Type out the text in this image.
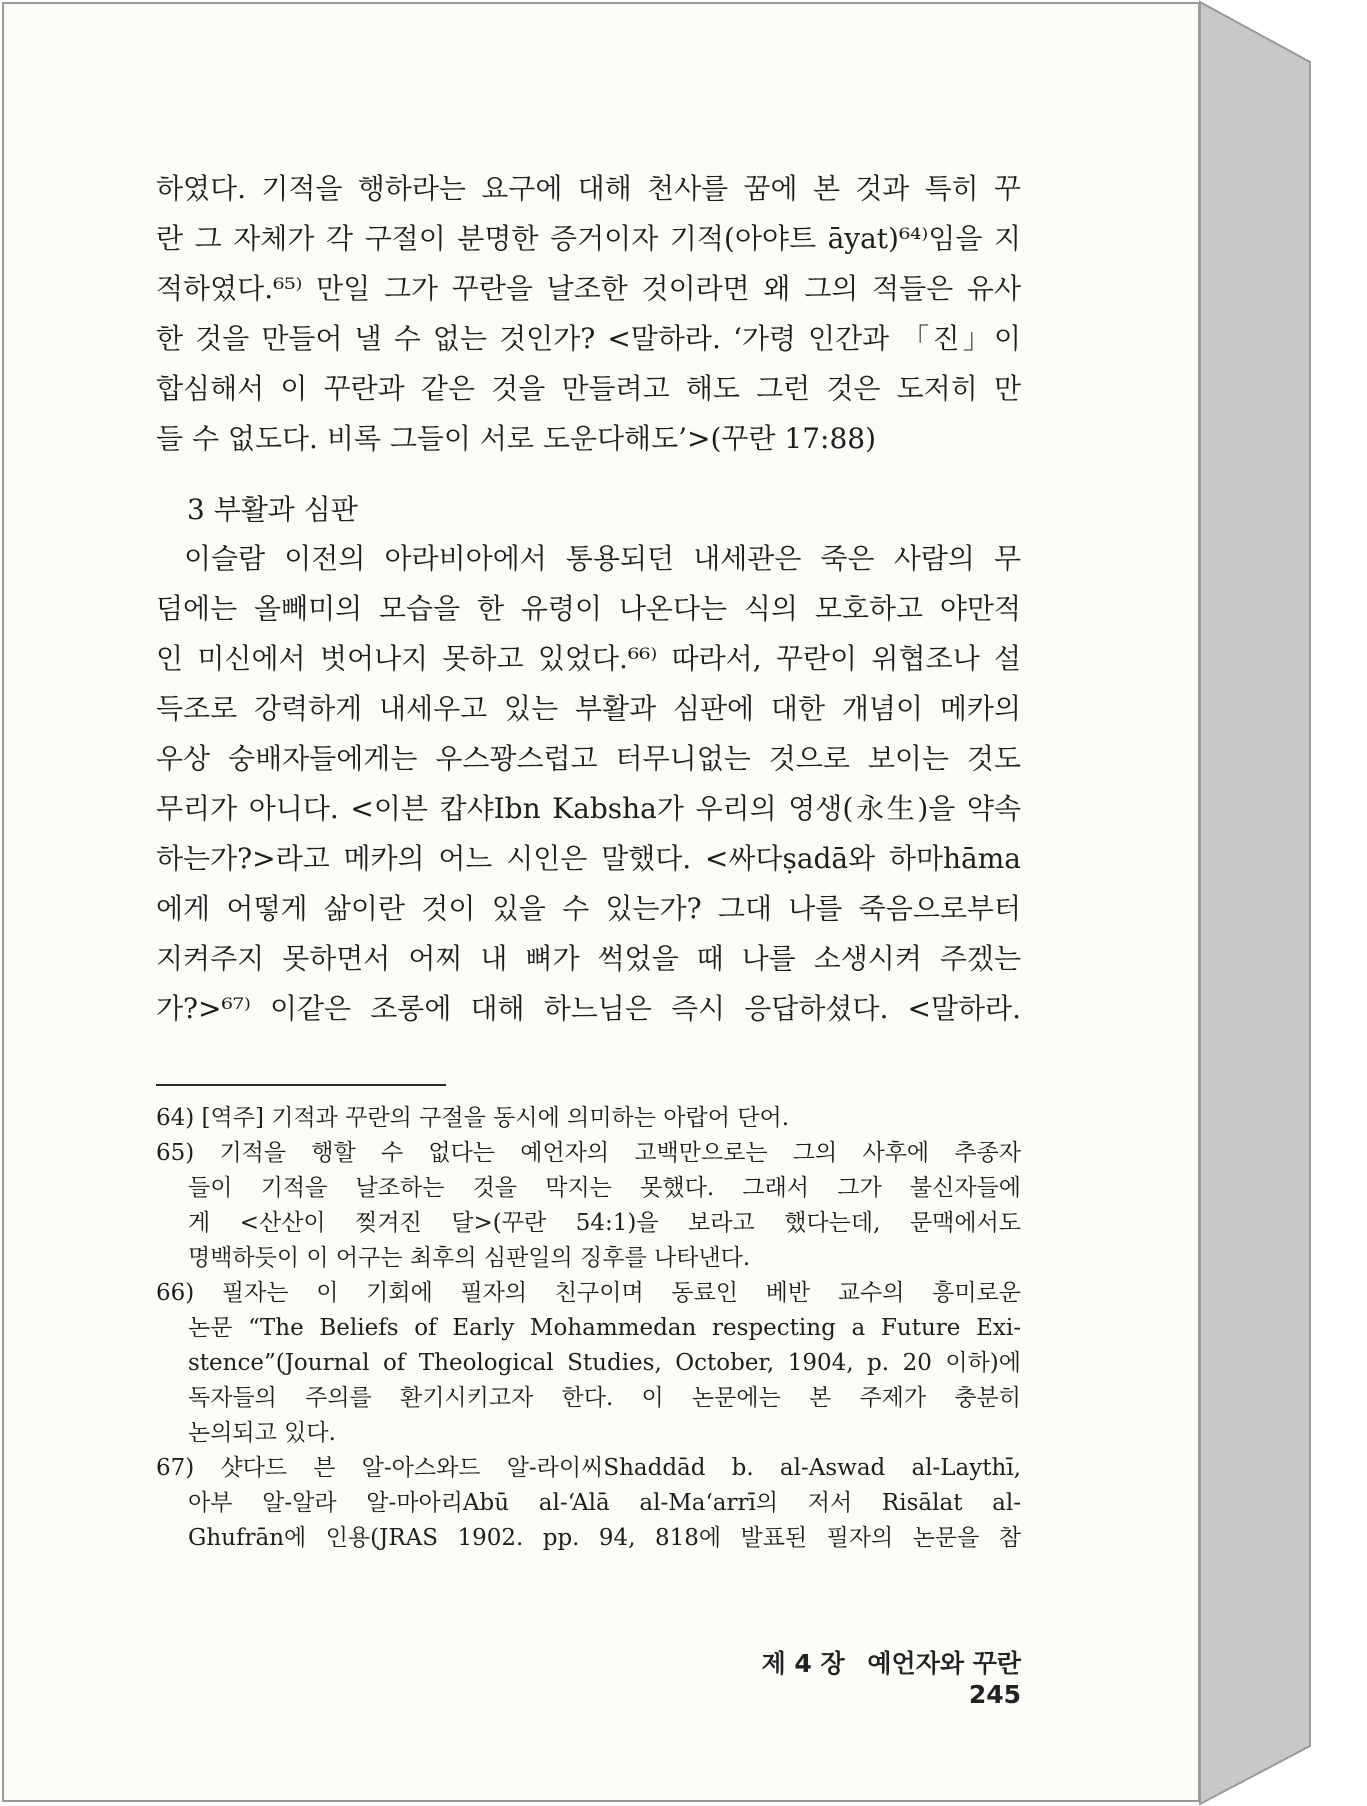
하였다. 기적을 행하라는 요구에 대해 천사를 꿈에 본 것과 특히 꾸
란 그 자체가 각 구절이 분명한 증거이자 기적(아야트 āyat)⁶⁴⁾임을 지
적하였다.⁶⁵⁾ 만일 그가 꾸란을 날조한 것이라면 왜 그의 적들은 유사
한 것을 만들어 낼 수 없는 것인가? <말하라. ‘가령 인간과 「진」이
합심해서 이 꾸란과 같은 것을 만들려고 해도 그런 것은 도저히 만
들 수 없도다. 비록 그들이 서로 도운다해도’>(꾸란 17:88)
3 부활과 심판
이슬람 이전의 아라비아에서 통용되던 내세관은 죽은 사람의 무
덤에는 올빼미의 모습을 한 유령이 나온다는 식의 모호하고 야만적
인 미신에서 벗어나지 못하고 있었다.⁶⁶⁾ 따라서, 꾸란이 위협조나 설
득조로 강력하게 내세우고 있는 부활과 심판에 대한 개념이 메카의
우상 숭배자들에게는 우스꽝스럽고 터무니없는 것으로 보이는 것도
무리가 아니다. <이븐 캅샤Ibn Kabsha가 우리의 영생(永生)을 약속
하는가?>라고 메카의 어느 시인은 말했다. <싸다ṣadā와 하마hāma
에게 어떻게 삶이란 것이 있을 수 있는가? 그대 나를 죽음으로부터
지켜주지 못하면서 어찌 내 뼈가 썩었을 때 나를 소생시켜 주겠는
가?>⁶⁷⁾ 이같은 조롱에 대해 하느님은 즉시 응답하셨다. <말하라.
64) [역주] 기적과 꾸란의 구절을 동시에 의미하는 아랍어 단어.
65) 기적을 행할 수 없다는 예언자의 고백만으로는 그의 사후에 추종자
들이 기적을 날조하는 것을 막지는 못했다. 그래서 그가 불신자들에
게 <산산이 찢겨진 달>(꾸란 54:1)을 보라고 했다는데, 문맥에서도
명백하듯이 이 어구는 최후의 심판일의 징후를 나타낸다.
66) 필자는 이 기회에 필자의 친구이며 동료인 베반 교수의 흥미로운
논문 “The Beliefs of Early Mohammedan respecting a Future Exi-
stence”(Journal of Theological Studies, October, 1904, p. 20 이하)에
독자들의 주의를 환기시키고자 한다. 이 논문에는 본 주제가 충분히
논의되고 있다.
67) 샷다드 븐 알-아스와드 알-라이씨Shaddād b. al-Aswad al-Laythī,
아부 알-알라 알-마아리Abū al-‘Alā al-Ma‘arrī의 저서 Risālat al-
Ghufrān에 인용(JRAS 1902. pp. 94, 818에 발표된 필자의 논문을 참
제 4 장 예언자와 꾸란 245
